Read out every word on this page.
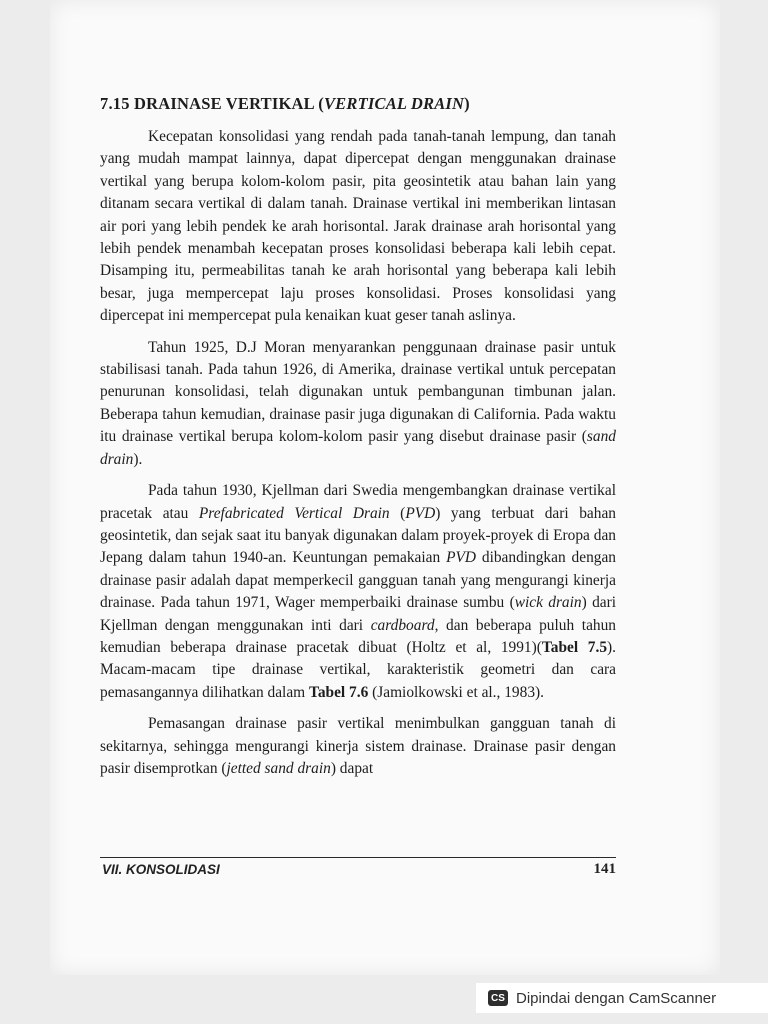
7.15 DRAINASE VERTIKAL (VERTICAL DRAIN)

Kecepatan konsolidasi yang rendah pada tanah-tanah lempung, dan tanah yang mudah mampat lainnya, dapat dipercepat dengan menggunakan drainase vertikal yang berupa kolom-kolom pasir, pita geosintetik atau bahan lain yang ditanam secara vertikal di dalam tanah. Drainase vertikal ini memberikan lintasan air pori yang lebih pendek ke arah horisontal. Jarak drainase arah horisontal yang lebih pendek menambah kecepatan proses konsolidasi beberapa kali lebih cepat. Disamping itu, permeabilitas tanah ke arah horisontal yang beberapa kali lebih besar, juga mempercepat laju proses konsolidasi. Proses konsolidasi yang dipercepat ini mempercepat pula kenaikan kuat geser tanah aslinya.

Tahun 1925, D.J Moran menyarankan penggunaan drainase pasir untuk stabilisasi tanah. Pada tahun 1926, di Amerika, drainase vertikal untuk percepatan penurunan konsolidasi, telah digunakan untuk pembangunan timbunan jalan. Beberapa tahun kemudian, drainase pasir juga digunakan di California. Pada waktu itu drainase vertikal berupa kolom-kolom pasir yang disebut drainase pasir (sand drain).

Pada tahun 1930, Kjellman dari Swedia mengembangkan drainase vertikal pracetak atau Prefabricated Vertical Drain (PVD) yang terbuat dari bahan geosintetik, dan sejak saat itu banyak digunakan dalam proyek-proyek di Eropa dan Jepang dalam tahun 1940-an. Keuntungan pemakaian PVD dibandingkan dengan drainase pasir adalah dapat memperkecil gangguan tanah yang mengurangi kinerja drainase. Pada tahun 1971, Wager memperbaiki drainase sumbu (wick drain) dari Kjellman dengan menggunakan inti dari cardboard, dan beberapa puluh tahun kemudian beberapa drainase pracetak dibuat (Holtz et al, 1991)(Tabel 7.5). Macam-macam tipe drainase vertikal, karakteristik geometri dan cara pemasangannya dilihatkan dalam Tabel 7.6 (Jamiolkowski et al., 1983).

Pemasangan drainase pasir vertikal menimbulkan gangguan tanah di sekitarnya, sehingga mengurangi kinerja sistem drainase. Drainase pasir dengan pasir disemprotkan (jetted sand drain) dapat

VII. KONSOLIDASI	141
CS Dipindai dengan CamScanner
